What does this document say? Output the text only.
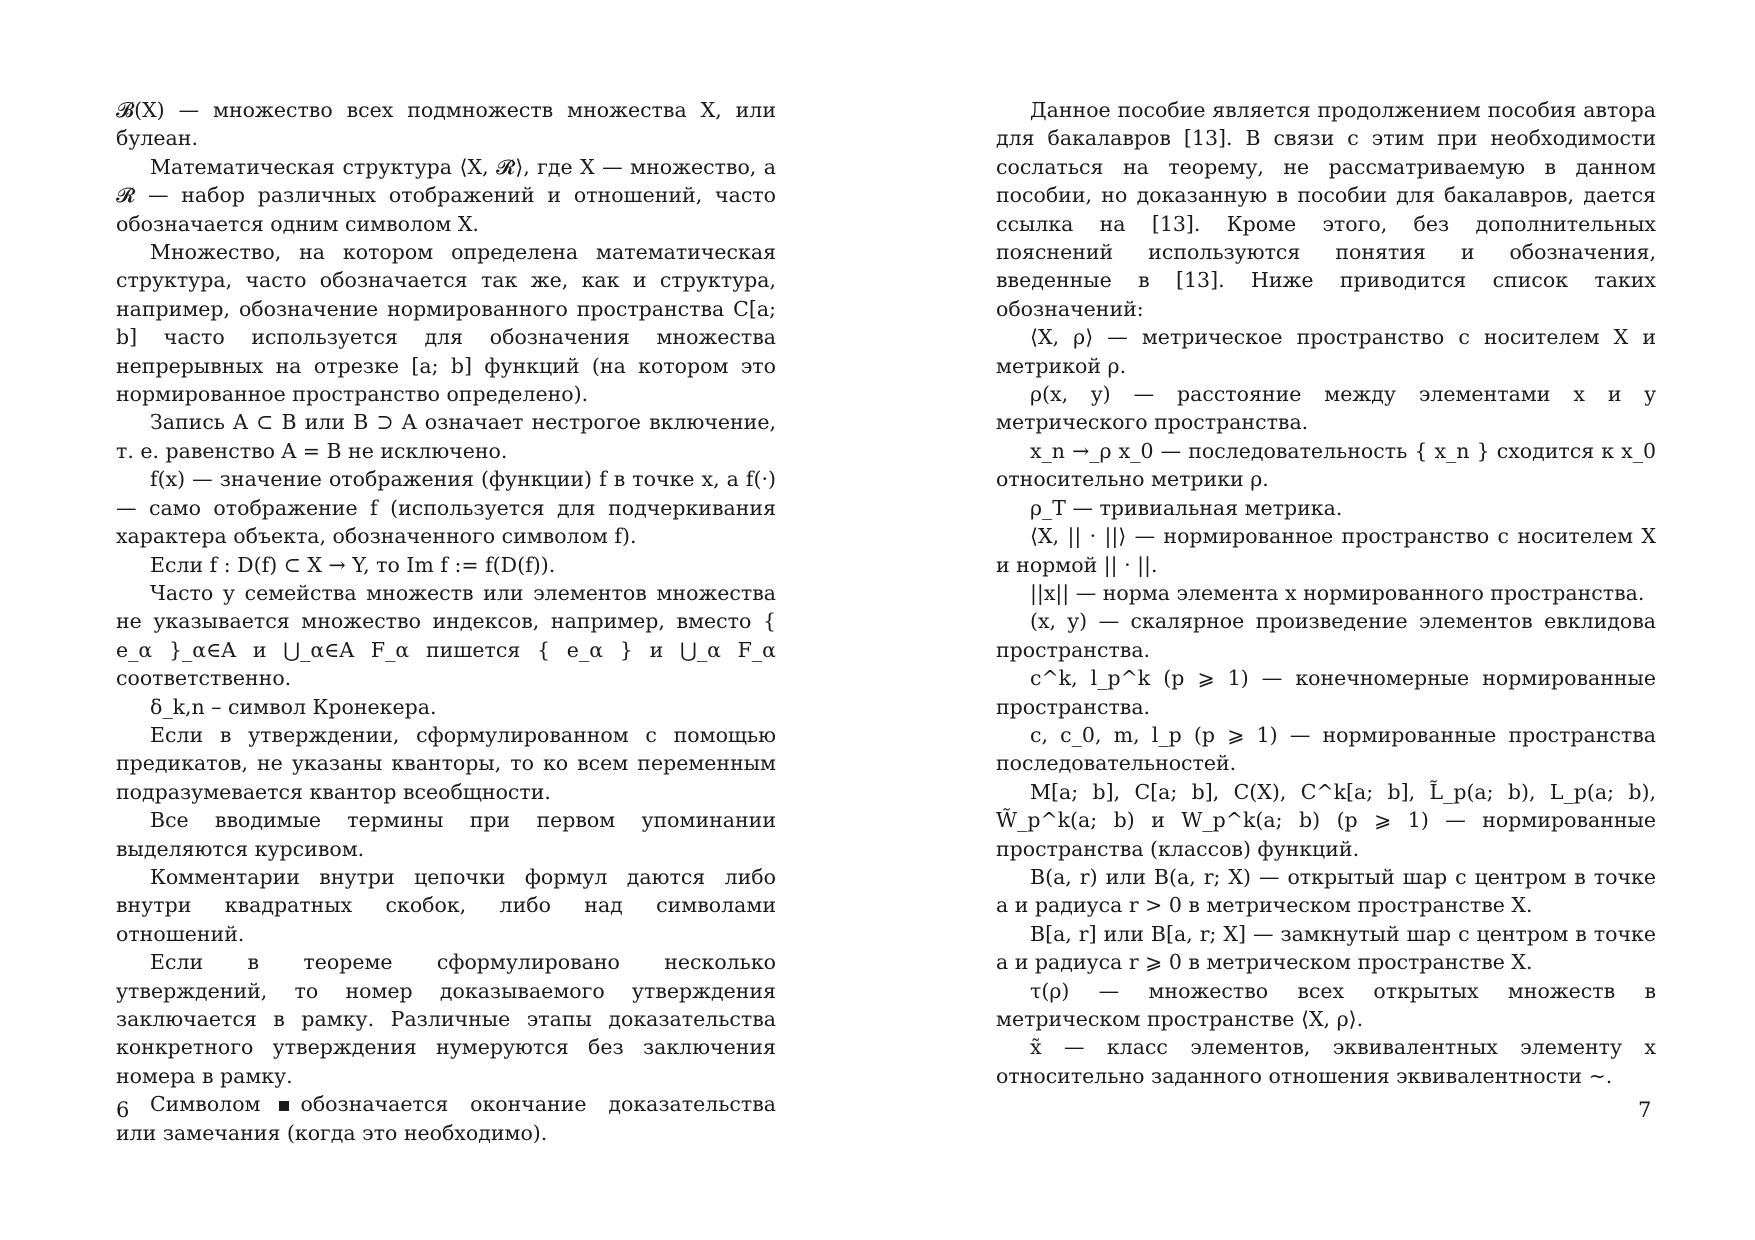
𝓑(X) — множество всех подмножеств множества X, или булеан.

Математическая структура ⟨X, 𝓡⟩, где X — множество, а 𝓡 — набор различных отображений и отношений, часто обозначается одним символом X.

Множество, на котором определена математическая структура, часто обозначается так же, как и структура, например, обозначение нормированного пространства C[a; b] часто используется для обозначения множества непрерывных на отрезке [a; b] функций (на котором это нормированное пространство определено).

Запись A ⊂ B или B ⊃ A означает нестрогое включение, т. е. равенство A = B не исключено.

f(x) — значение отображения (функции) f в точке x, а f(·) — само отображение f (используется для подчеркивания характера объекта, обозначенного символом f).

Если f : D(f) ⊂ X → Y, то Im f := f(D(f)).

Часто у семейства множеств или элементов множества не указывается множество индексов, например, вместо { e_α }_α∈A и ⋃_α∈A F_α пишется { e_α } и ⋃_α F_α соответственно.

δ_k,n – символ Кронекера.

Если в утверждении, сформулированном с помощью предикатов, не указаны кванторы, то ко всем переменным подразумевается квантор всеобщности.

Все вводимые термины при первом упоминании выделяются курсивом.

Комментарии внутри цепочки формул даются либо внутри квадратных скобок, либо над символами отношений.

Если в теореме сформулировано несколько утверждений, то номер доказываемого утверждения заключается в рамку. Различные этапы доказательства конкретного утверждения нумеруются без заключения номера в рамку.

Символом обозначается окончание доказательства или замечания (когда это необходимо).

6

Данное пособие является продолжением пособия автора для бакалавров [13]. В связи с этим при необходимости сослаться на теорему, не рассматриваемую в данном пособии, но доказанную в пособии для бакалавров, дается ссылка на [13]. Кроме этого, без дополнительных пояснений используются понятия и обозначения, введенные в [13]. Ниже приводится список таких обозначений:

⟨X, ρ⟩ — метрическое пространство с носителем X и метрикой ρ.

ρ(x, y) — расстояние между элементами x и y метрического пространства.

x_n →_ρ x_0 — последовательность { x_n } сходится к x_0 относительно метрики ρ.

ρ_T — тривиальная метрика.

⟨X, || · ||⟩ — нормированное пространство с носителем X и нормой || · ||.

||x|| — норма элемента x нормированного пространства.

(x, y) — скалярное произведение элементов евклидова пространства.

c^k, l_p^k (p ⩾ 1) — конечномерные нормированные пространства.

c, c_0, m, l_p (p ⩾ 1) — нормированные пространства последовательностей.

M[a; b], C[a; b], C(X), C^k[a; b], L̃_p(a; b), L_p(a; b), W̃_p^k(a; b) и W_p^k(a; b) (p ⩾ 1) — нормированные пространства (классов) функций.

B(a, r) или B(a, r; X) — открытый шар с центром в точке a и радиуса r > 0 в метрическом пространстве X.

B[a, r] или B[a, r; X] — замкнутый шар с центром в точке a и радиуса r ⩾ 0 в метрическом пространстве X.

τ(ρ) — множество всех открытых множеств в метрическом пространстве ⟨X, ρ⟩.

x̃ — класс элементов, эквивалентных элементу x относительно заданного отношения эквивалентности ∼.

7
